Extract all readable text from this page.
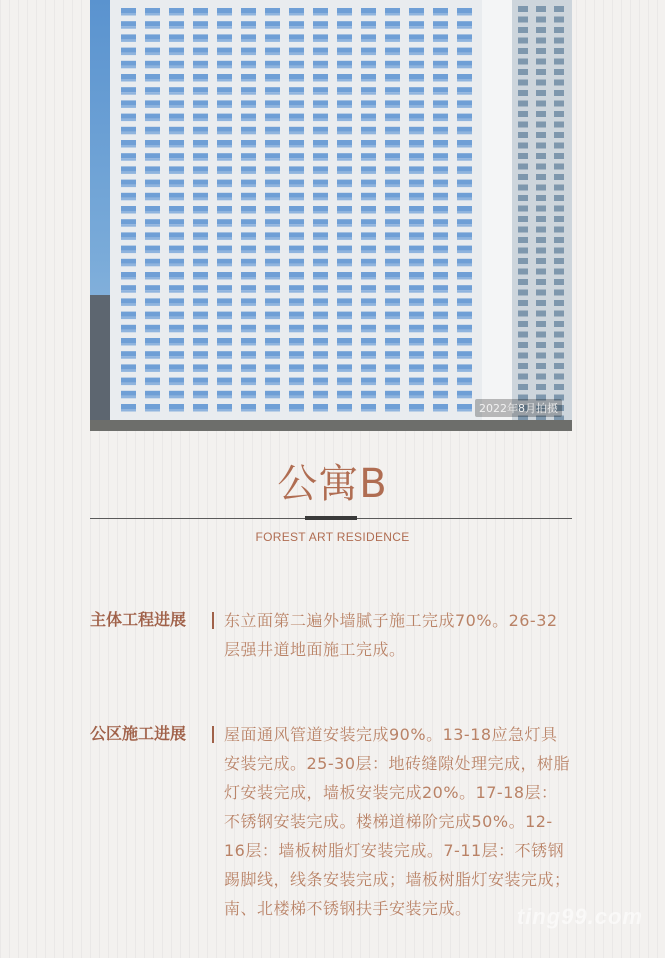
2022年8月拍摄
公寓B
FOREST ART RESIDENCE
主体工程进展 东立面第二遍外墙腻子施工完成70%。26-32层强井道地面施工完成。
公区施工进展 屋面通风管道安装完成90%。13-18应急灯具安装完成。25-30层：地砖缝隙处理完成，树脂灯安装完成，墙板安装完成20%。17-18层：不锈钢安装完成。楼梯道梯阶完成50%。12-16层：墙板树脂灯安装完成。7-11层：不锈钢踢脚线，线条安装完成；墙板树脂灯安装完成；南、北楼梯不锈钢扶手安装完成。	ting99.com
